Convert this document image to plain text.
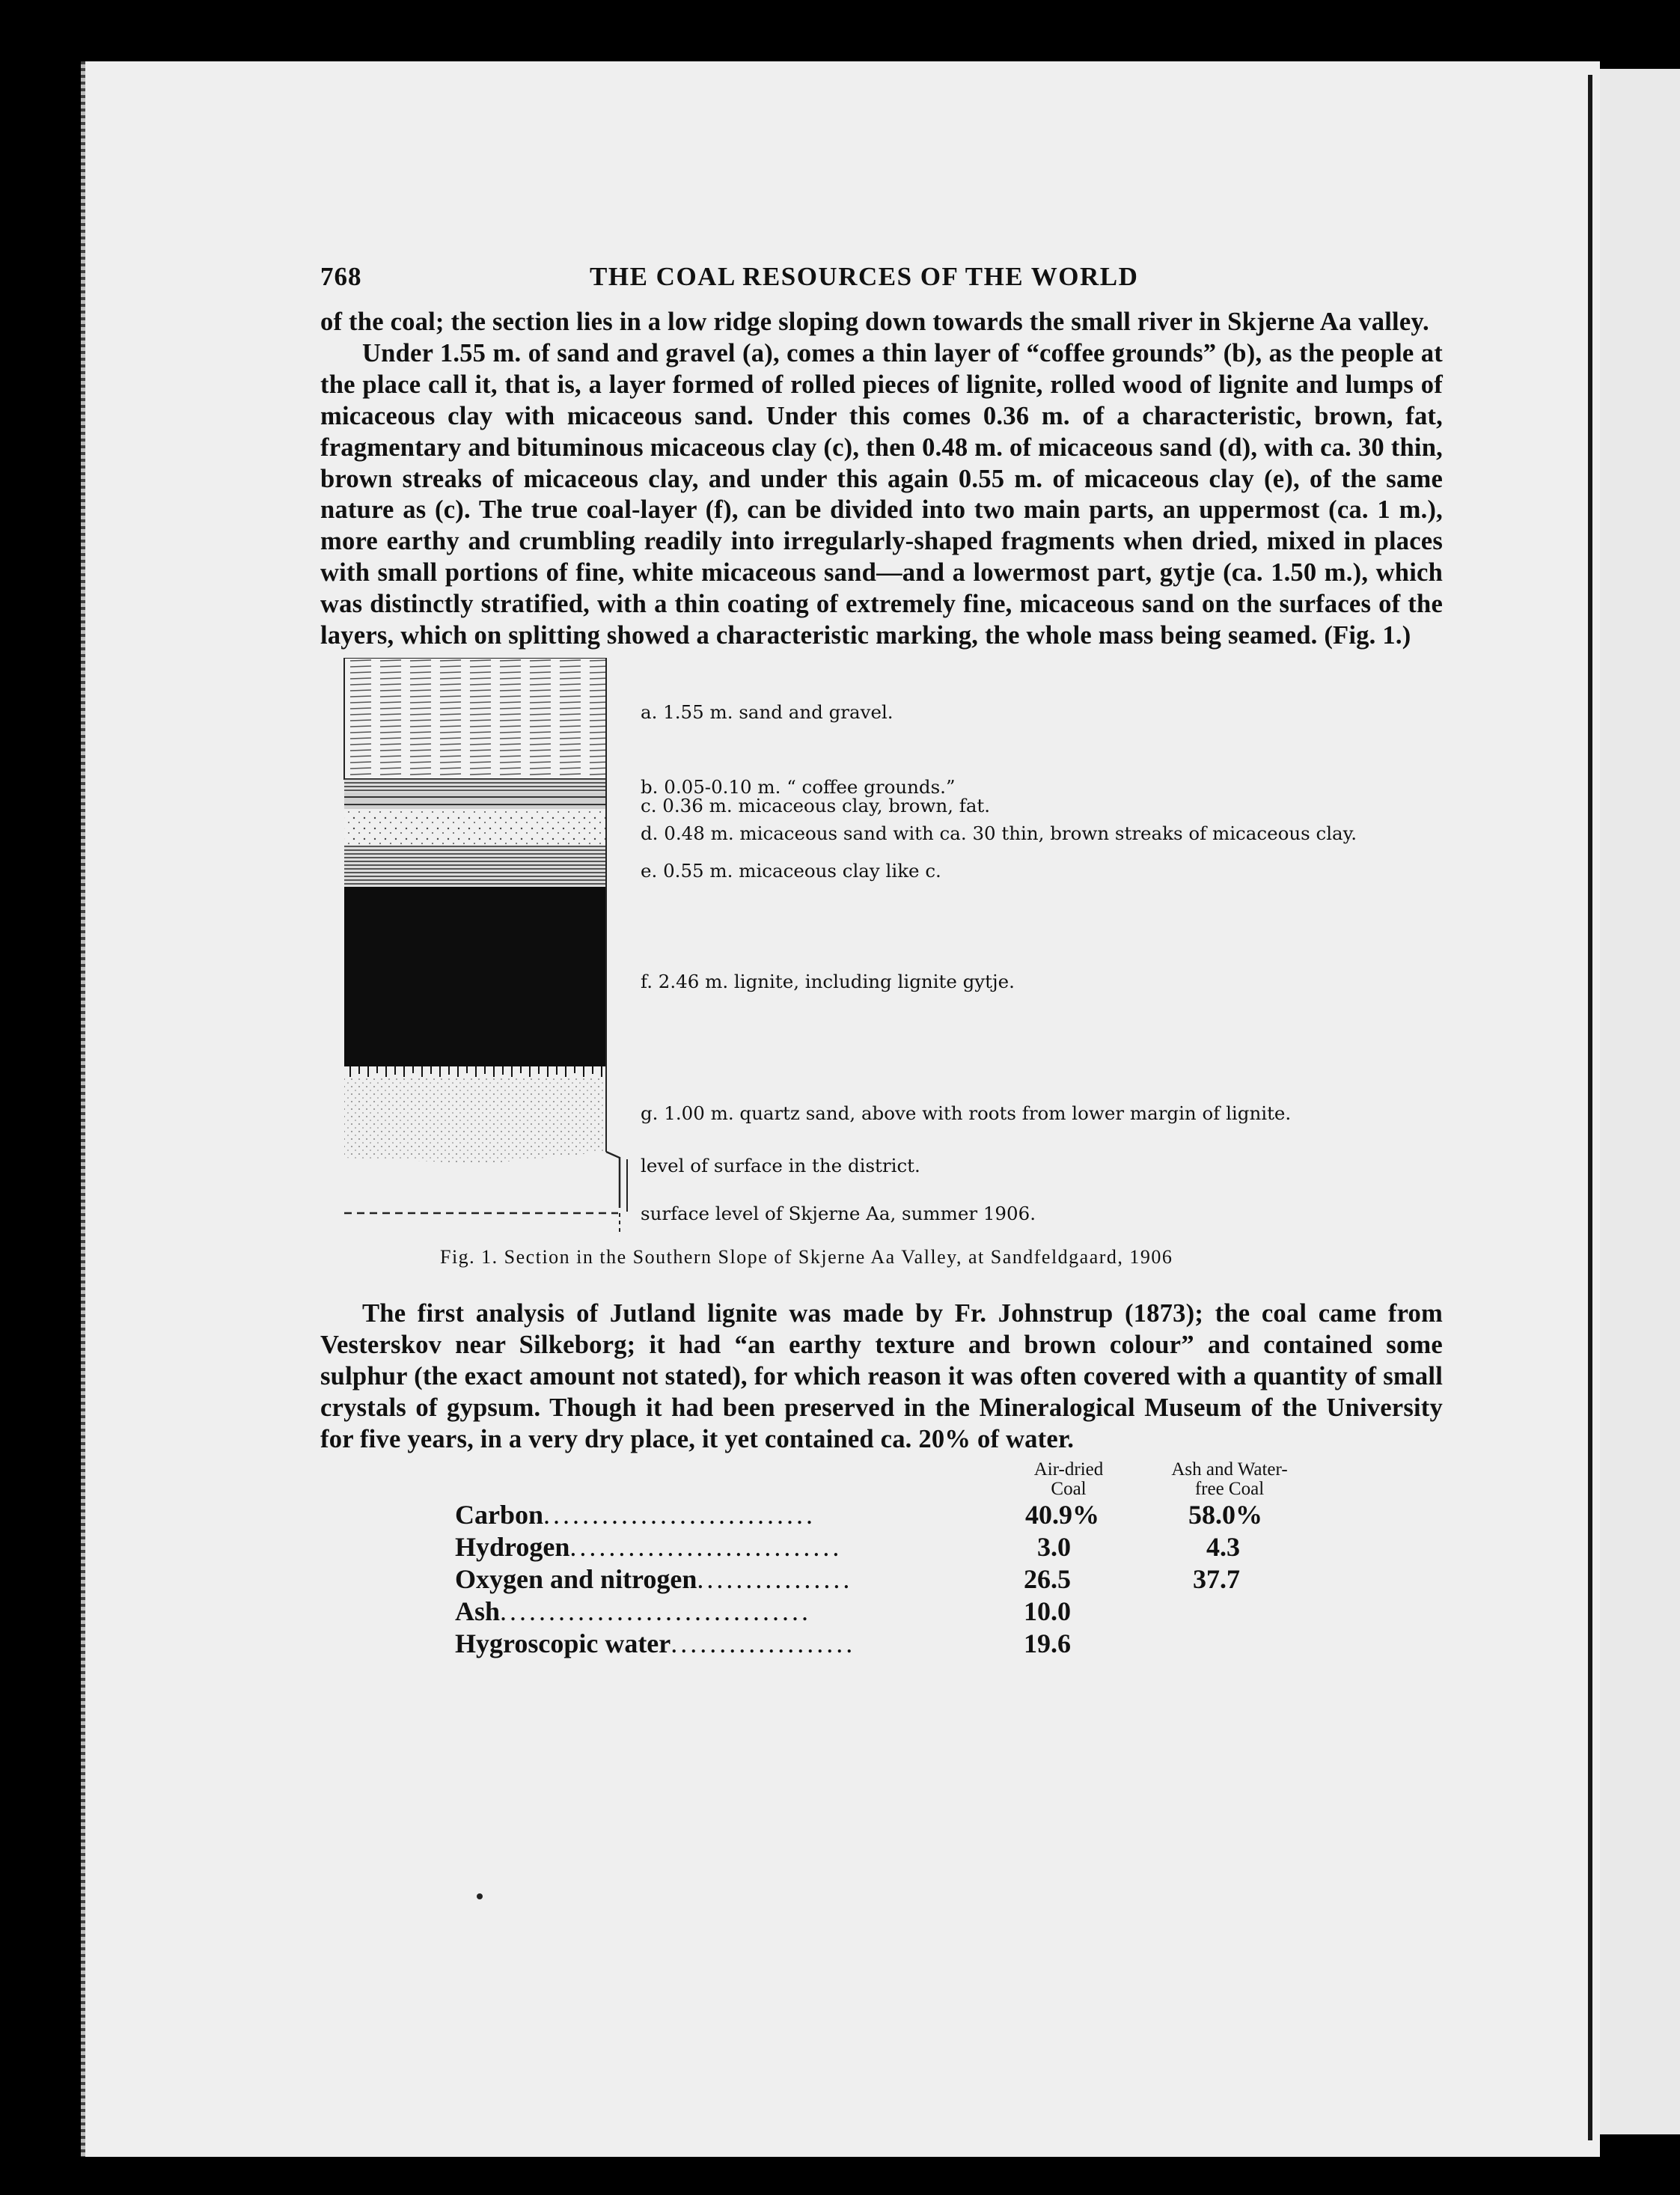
768	THE COAL RESOURCES OF THE WORLD

of the coal; the section lies in a low ridge sloping down towards the small river in Skjerne Aa valley.

Under 1.55 m. of sand and gravel (a), comes a thin layer of “coffee grounds” (b), as the people at the place call it, that is, a layer formed of rolled pieces of lignite, rolled wood of lignite and lumps of micaceous clay with micaceous sand. Under this comes 0.36 m. of a characteristic, brown, fat, fragmentary and bituminous micaceous clay (c), then 0.48 m. of micaceous sand (d), with ca. 30 thin, brown streaks of micaceous clay, and under this again 0.55 m. of micaceous clay (e), of the same nature as (c). The true coal-layer (f), can be divided into two main parts, an uppermost (ca. 1 m.), more earthy and crumbling readily into irregularly-shaped fragments when dried, mixed in places with small portions of fine, white micaceous sand—and a lowermost part, gytje (ca. 1.50 m.), which was distinctly stratified, with a thin coating of extremely fine, micaceous sand on the surfaces of the layers, which on splitting showed a characteristic marking, the whole mass being seamed. (Fig. 1.)

a. 1.55 m. sand and gravel.
b. 0.05-0.10 m. “ coffee grounds.”
c. 0.36 m. micaceous clay, brown, fat.
d. 0.48 m. micaceous sand with ca. 30 thin, brown streaks of micaceous clay.
e. 0.55 m. micaceous clay like c.
f. 2.46 m. lignite, including lignite gytje.
g. 1.00 m. quartz sand, above with roots from lower margin of lignite.
level of surface in the district.
surface level of Skjerne Aa, summer 1906.
Fig. 1. Section in the Southern Slope of Skjerne Aa Valley, at Sandfeldgaard, 1906

The first analysis of Jutland lignite was made by Fr. Johnstrup (1873); the coal came from Vesterskov near Silkeborg; it had “an earthy texture and brown colour” and contained some sulphur (the exact amount not stated), for which reason it was often covered with a quantity of small crystals of gypsum. Though it had been preserved in the Mineralogical Museum of the University for five years, in a very dry place, it yet contained ca. 20% of water.

Air-dried
Coal
Ash and Water-
free Coal
Carbon............................	40.9%	58.0%
Hydrogen............................	3.0	4.3
Oxygen and nitrogen................	26.5	37.7
Ash................................	10.0
Hygroscopic water...................	19.6
